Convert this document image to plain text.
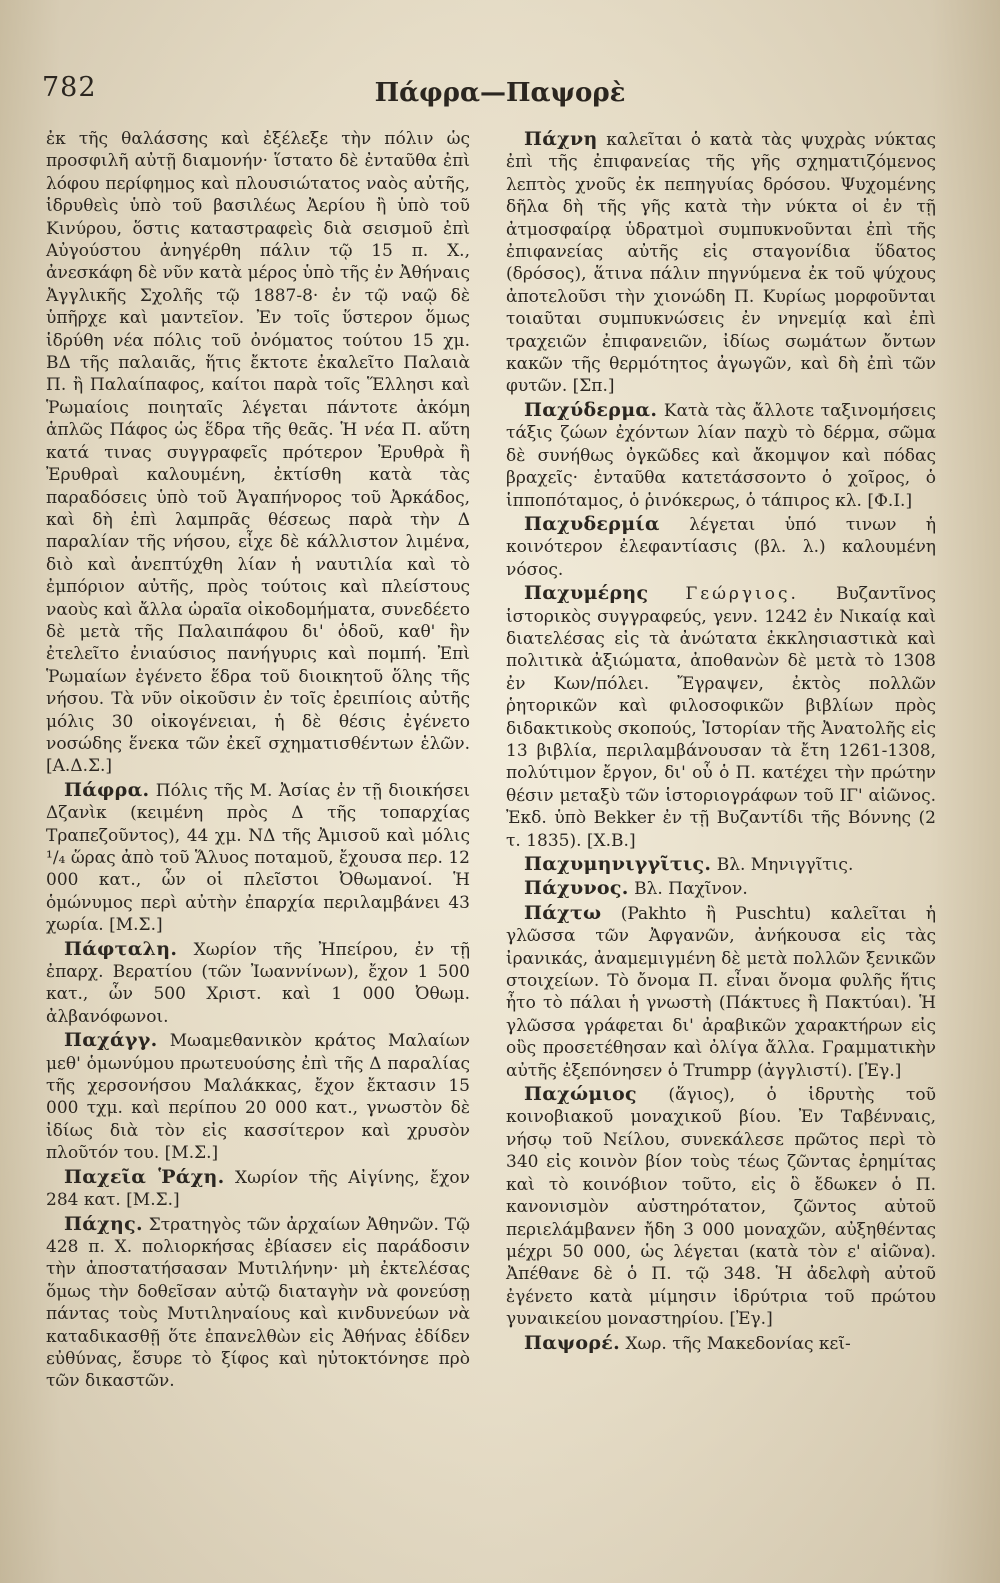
782	Πάφρα—Παψορὲ

ἐκ τῆς θαλάσσης καὶ ἐξέλεξε τὴν πόλιν ὡς προσφιλῆ αὐτῇ διαμονήν· ἵστατο δὲ ἐνταῦθα ἐπὶ λόφου περίφημος καὶ πλουσιώτατος ναὸς αὐτῆς, ἱδρυθεὶς ὑπὸ τοῦ βασιλέως Ἀερίου ἢ ὑπὸ τοῦ Κινύρου, ὅστις καταστραφεὶς διὰ σεισμοῦ ἐπὶ Αὐγούστου ἀνηγέρθη πάλιν τῷ 15 π. Χ., ἀνεσκάφη δὲ νῦν κατὰ μέρος ὑπὸ τῆς ἐν Ἀθήναις Ἀγγλικῆς Σχολῆς τῷ 1887-8· ἐν τῷ ναῷ δὲ ὑπῆρχε καὶ μαντεῖον. Ἐν τοῖς ὕστερον ὅμως ἱδρύθη νέα πόλις τοῦ ὀνόματος τούτου 15 χμ. ΒΔ τῆς παλαιᾶς, ἥτις ἔκτοτε ἐκαλεῖτο Παλαιὰ Π. ἢ Παλαίπαφος, καίτοι παρὰ τοῖς Ἕλλησι καὶ Ῥωμαίοις ποιηταῖς λέγεται πάντοτε ἀκόμη ἁπλῶς Πάφος ὡς ἕδρα τῆς θεᾶς. Ἡ νέα Π. αὕτη κατά τινας συγγραφεῖς πρότερον Ἐρυθρὰ ἢ Ἐρυθραὶ καλουμένη, ἐκτίσθη κατὰ τὰς παραδόσεις ὑπὸ τοῦ Ἀγαπήνορος τοῦ Ἀρκάδος, καὶ δὴ ἐπὶ λαμπρᾶς θέσεως παρὰ τὴν Δ παραλίαν τῆς νήσου, εἶχε δὲ κάλλιστον λιμένα, διὸ καὶ ἀνεπτύχθη λίαν ἡ ναυτιλία καὶ τὸ ἐμπόριον αὐτῆς, πρὸς τούτοις καὶ πλείστους ναοὺς καὶ ἄλλα ὡραῖα οἰκοδομήματα, συνεδέετο δὲ μετὰ τῆς Παλαιπάφου δι' ὁδοῦ, καθ' ἣν ἐτελεῖτο ἐνιαύσιος πανήγυρις καὶ πομπή. Ἐπὶ Ῥωμαίων ἐγένετο ἕδρα τοῦ διοικητοῦ ὅλης τῆς νήσου. Τὰ νῦν οἰκοῦσιν ἐν τοῖς ἐρειπίοις αὐτῆς μόλις 30 οἰκογένειαι, ἡ δὲ θέσις ἐγένετο νοσώδης ἕνεκα τῶν ἐκεῖ σχηματισθέντων ἑλῶν. [Α.Δ.Σ.]

Πάφρα. Πόλις τῆς Μ. Ἀσίας ἐν τῇ διοικήσει Δζανὶκ (κειμένη πρὸς Δ τῆς τοπαρχίας Τραπεζοῦντος), 44 χμ. ΝΔ τῆς Ἀμισοῦ καὶ μόλις ¹/₄ ὥρας ἀπὸ τοῦ Ἅλυος ποταμοῦ, ἔχουσα περ. 12 000 κατ., ὧν οἱ πλεῖστοι Ὀθωμανοί. Ἡ ὁμώνυμος περὶ αὐτὴν ἐπαρχία περιλαμβάνει 43 χωρία. [Μ.Σ.]

Πάφταλη. Χωρίον τῆς Ἠπείρου, ἐν τῇ ἐπαρχ. Βερατίου (τῶν Ἰωαννίνων), ἔχον 1 500 κατ., ὧν 500 Χριστ. καὶ 1 000 Ὀθωμ. ἀλβανόφωνοι.

Παχάγγ. Μωαμεθανικὸν κράτος Μαλαίων μεθ' ὁμωνύμου πρωτευούσης ἐπὶ τῆς Δ παραλίας τῆς χερσονήσου Μαλάκκας, ἔχον ἔκτασιν 15 000 τχμ. καὶ περίπου 20 000 κατ., γνωστὸν δὲ ἰδίως διὰ τὸν εἰς κασσίτερον καὶ χρυσὸν πλοῦτόν του. [Μ.Σ.]

Παχεῖα Ῥάχη. Χωρίον τῆς Αἰγίνης, ἔχον 284 κατ. [Μ.Σ.]

Πάχης. Στρατηγὸς τῶν ἀρχαίων Ἀθηνῶν. Τῷ 428 π. Χ. πολιορκήσας ἐβίασεν εἰς παράδοσιν τὴν ἀποστατήσασαν Μυτιλήνην· μὴ ἐκτελέσας ὅμως τὴν δοθεῖσαν αὐτῷ διαταγὴν νὰ φονεύσῃ πάντας τοὺς Μυτιληναίους καὶ κινδυνεύων νὰ καταδικασθῇ ὅτε ἐπανελθὼν εἰς Ἀθήνας ἐδίδεν εὐθύνας, ἔσυρε τὸ ξίφος καὶ ηὐτοκτόνησε πρὸ τῶν δικαστῶν.

Πάχνη καλεῖται ὁ κατὰ τὰς ψυχρὰς νύκτας ἐπὶ τῆς ἐπιφανείας τῆς γῆς σχηματιζόμενος λεπτὸς χνοῦς ἐκ πεπηγυίας δρόσου. Ψυχομένης δῆλα δὴ τῆς γῆς κατὰ τὴν νύκτα οἱ ἐν τῇ ἀτμοσφαίρᾳ ὑδρατμοὶ συμπυκνοῦνται ἐπὶ τῆς ἐπιφανείας αὐτῆς εἰς σταγονίδια ὕδατος (δρόσος), ἅτινα πάλιν πηγνύμενα ἐκ τοῦ ψύχους ἀποτελοῦσι τὴν χιονώδη Π. Κυρίως μορφοῦνται τοιαῦται συμπυκνώσεις ἐν νηνεμίᾳ καὶ ἐπὶ τραχειῶν ἐπιφανειῶν, ἰδίως σωμάτων ὄντων κακῶν τῆς θερμότητος ἀγωγῶν, καὶ δὴ ἐπὶ τῶν φυτῶν. [Σπ.]

Παχύδερμα. Κατὰ τὰς ἄλλοτε ταξινομήσεις τάξις ζώων ἐχόντων λίαν παχὺ τὸ δέρμα, σῶμα δὲ συνήθως ὀγκῶδες καὶ ἄκομψον καὶ πόδας βραχεῖς· ἐνταῦθα κατετάσσοντο ὁ χοῖρος, ὁ ἱπποπόταμος, ὁ ῥινόκερως, ὁ τάπιρος κλ. [Φ.Ι.]

Παχυδερμία λέγεται ὑπό τινων ἡ κοινότερον ἐλεφαντίασις (βλ. λ.) καλουμένη νόσος.

Παχυμέρης Γεώργιος. Βυζαντῖνος ἱστορικὸς συγγραφεύς, γενν. 1242 ἐν Νικαίᾳ καὶ διατελέσας εἰς τὰ ἀνώτατα ἐκκλησιαστικὰ καὶ πολιτικὰ ἀξιώματα, ἀποθανὼν δὲ μετὰ τὸ 1308 ἐν Κων/πόλει. Ἔγραψεν, ἐκτὸς πολλῶν ῥητορικῶν καὶ φιλοσοφικῶν βιβλίων πρὸς διδακτικοὺς σκοπούς, Ἱστορίαν τῆς Ἀνατολῆς εἰς 13 βιβλία, περιλαμβάνουσαν τὰ ἔτη 1261-1308, πολύτιμον ἔργον, δι' οὗ ὁ Π. κατέχει τὴν πρώτην θέσιν μεταξὺ τῶν ἱστοριογράφων τοῦ ΙΓ' αἰῶνος. Ἐκδ. ὑπὸ Bekker ἐν τῇ Βυζαντίδι τῆς Βόννης (2 τ. 1835). [Χ.Β.]

Παχυμηνιγγῖτις. Βλ. Μηνιγγῖτις.

Πάχυνος. Βλ. Παχῖνον.

Πάχτω (Pakhto ἢ Puschtu) καλεῖται ἡ γλῶσσα τῶν Ἀφγανῶν, ἀνήκουσα εἰς τὰς ἰρανικάς, ἀναμεμιγμένη δὲ μετὰ πολλῶν ξενικῶν στοιχείων. Τὸ ὄνομα Π. εἶναι ὄνομα φυλῆς ἥτις ἦτο τὸ πάλαι ἡ γνωστὴ (Πάκτυες ἢ Πακτύαι). Ἡ γλῶσσα γράφεται δι' ἀραβικῶν χαρακτήρων εἰς οὓς προσετέθησαν καὶ ὀλίγα ἄλλα. Γραμματικὴν αὐτῆς ἐξεπόνησεν ὁ Trumpp (ἀγγλιστί). [Ἐγ.]

Παχώμιος (ἅγιος), ὁ ἱδρυτὴς τοῦ κοινοβιακοῦ μοναχικοῦ βίου. Ἐν Ταβένναις, νήσῳ τοῦ Νείλου, συνεκάλεσε πρῶτος περὶ τὸ 340 εἰς κοινὸν βίον τοὺς τέως ζῶντας ἐρημίτας καὶ τὸ κοινόβιον τοῦτο, εἰς ὃ ἔδωκεν ὁ Π. κανονισμὸν αὐστηρότατον, ζῶντος αὐτοῦ περιελάμβανεν ἤδη 3 000 μοναχῶν, αὐξηθέντας μέχρι 50 000, ὡς λέγεται (κατὰ τὸν ε' αἰῶνα). Ἀπέθανε δὲ ὁ Π. τῷ 348. Ἡ ἀδελφὴ αὐτοῦ ἐγένετο κατὰ μίμησιν ἱδρύτρια τοῦ πρώτου γυναικείου μοναστηρίου. [Ἐγ.]

Παψορέ. Χωρ. τῆς Μακεδονίας κεῖ-
